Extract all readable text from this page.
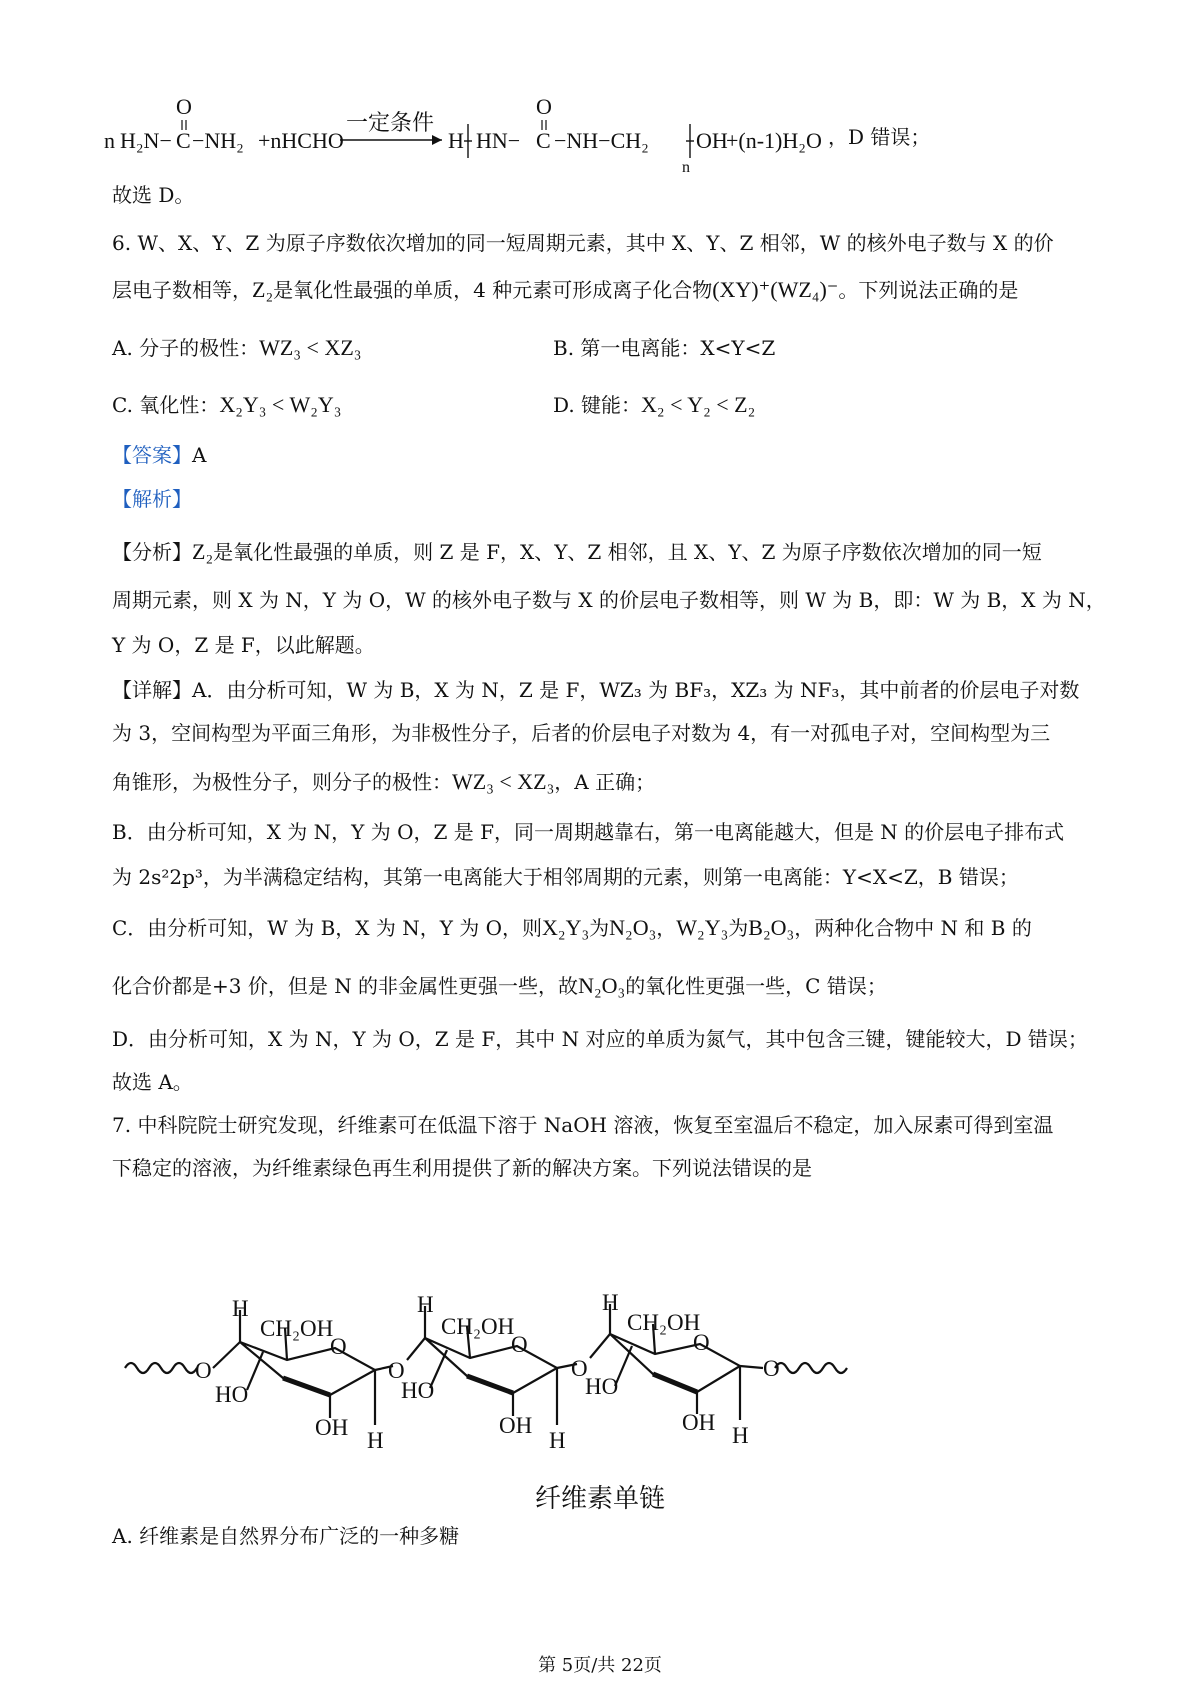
n H₂N− C
O
−NH₂ +nHCHO
一定条件
H HN− C
O
−NH−CH₂
n
OH
+(n-1)H₂O ，D 错误；
故选 D。
6. W、X、Y、Z 为原子序数依次增加的同一短周期元素，其中 X、Y、Z 相邻，W 的核外电子数与 X 的价
层电子数相等，Z₂是氧化性最强的单质，4 种元素可形成离子化合物(XY)⁺(WZ₄)⁻。下列说法正确的是
A. 分子的极性：WZ₃ < XZ₃	B. 第一电离能：X<Y<Z
C. 氧化性：X₂Y₃ < W₂Y₃	D. 键能：X₂ < Y₂ < Z₂
【答案】A
【解析】
【分析】Z₂是氧化性最强的单质，则 Z 是 F，X、Y、Z 相邻，且 X、Y、Z 为原子序数依次增加的同一短
周期元素，则 X 为 N，Y 为 O，W 的核外电子数与 X 的价层电子数相等，则 W 为 B，即：W 为 B，X 为 N，
Y 为 O，Z 是 F，以此解题。
【详解】A．由分析可知，W 为 B，X 为 N，Z 是 F，WZ₃ 为 BF₃，XZ₃ 为 NF₃，其中前者的价层电子对数
为 3，空间构型为平面三角形，为非极性分子，后者的价层电子对数为 4，有一对孤电子对，空间构型为三
角锥形，为极性分子，则分子的极性：WZ₃ < XZ₃，A 正确；
B．由分析可知，X 为 N，Y 为 O，Z 是 F，同一周期越靠右，第一电离能越大，但是 N 的价层电子排布式
为 2s²2p³，为半满稳定结构，其第一电离能大于相邻周期的元素，则第一电离能：Y<X<Z，B 错误；
C．由分析可知，W 为 B，X 为 N，Y 为 O，则X₂Y₃为N₂O₃，W₂Y₃为B₂O₃，两种化合物中 N 和 B 的
化合价都是+3 价，但是 N 的非金属性更强一些，故N₂O₃的氧化性更强一些，C 错误；
D．由分析可知，X 为 N，Y 为 O，Z 是 F，其中 N 对应的单质为氮气，其中包含三键，键能较大，D 错误；
故选 A。
7. 中科院院士研究发现，纤维素可在低温下溶于 NaOH 溶液，恢复至室温后不稳定，加入尿素可得到室温
下稳定的溶液，为纤维素绿色再生利用提供了新的解决方案。下列说法错误的是
O
H
CH₂OH
O
HO
OH
H
O
H
CH₂OH
O
HO
OH
H
O
H
CH₂OH
O
HO
OH
H
O
纤维素单链
A. 纤维素是自然界分布广泛的一种多糖
第 5页/共 22页
